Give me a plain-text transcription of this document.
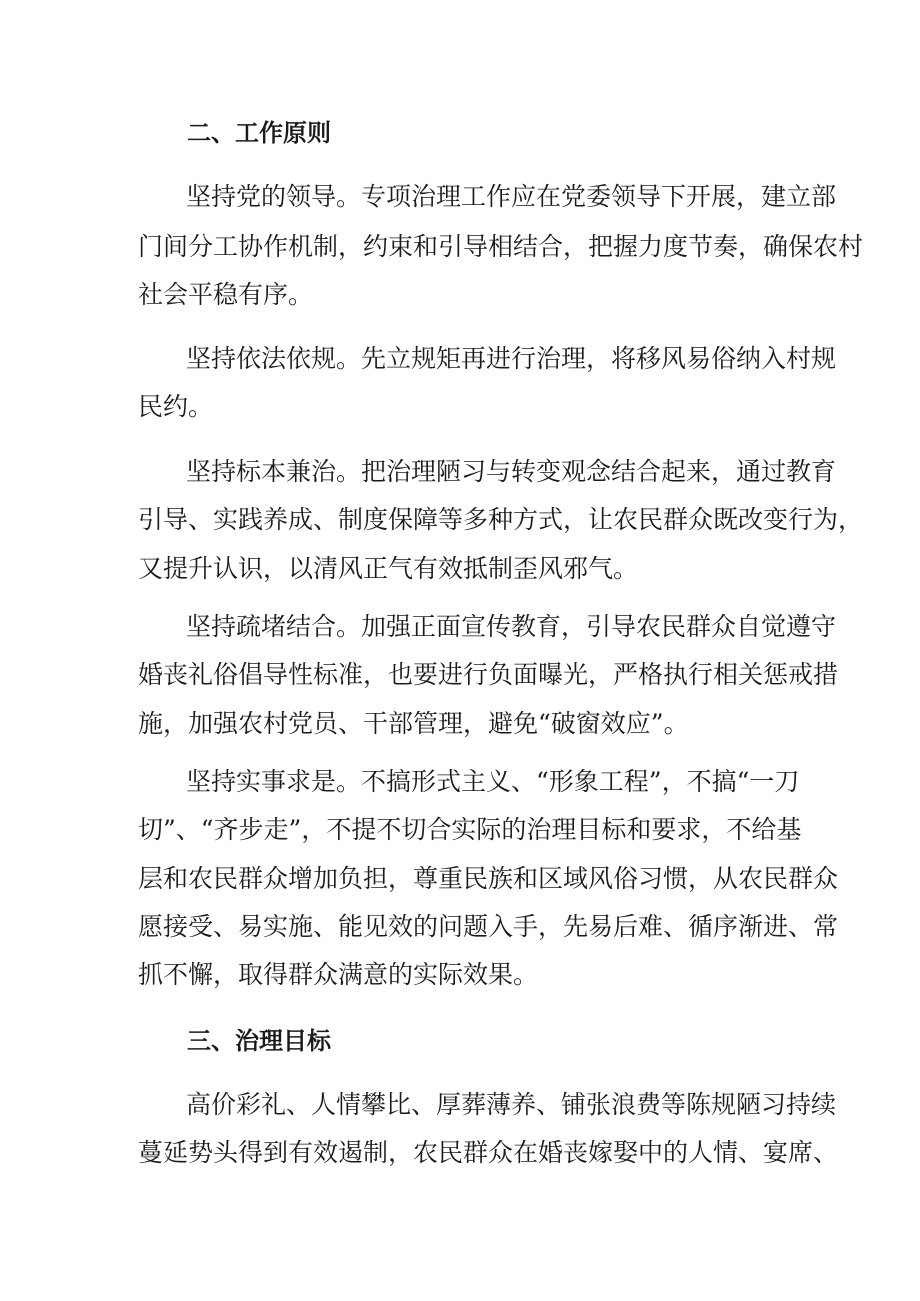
二、工作原则
坚持党的领导。专项治理工作应在党委领导下开展，建立部
门间分工协作机制，约束和引导相结合，把握力度节奏，确保农村
社会平稳有序。
坚持依法依规。先立规矩再进行治理，将移风易俗纳入村规
民约。
坚持标本兼治。把治理陋习与转变观念结合起来，通过教育
引导、实践养成、制度保障等多种方式，让农民群众既改变行为，
又提升认识，以清风正气有效抵制歪风邪气。
坚持疏堵结合。加强正面宣传教育，引导农民群众自觉遵守
婚丧礼俗倡导性标准，也要进行负面曝光，严格执行相关惩戒措
施，加强农村党员、干部管理，避免“破窗效应”。
坚持实事求是。不搞形式主义、“形象工程”，不搞“一刀
切”、“齐步走”，不提不切合实际的治理目标和要求，不给基
层和农民群众增加负担，尊重民族和区域风俗习惯，从农民群众
愿接受、易实施、能见效的问题入手，先易后难、循序渐进、常
抓不懈，取得群众满意的实际效果。
三、治理目标
高价彩礼、人情攀比、厚葬薄养、铺张浪费等陈规陋习持续
蔓延势头得到有效遏制，农民群众在婚丧嫁娶中的人情、宴席、
